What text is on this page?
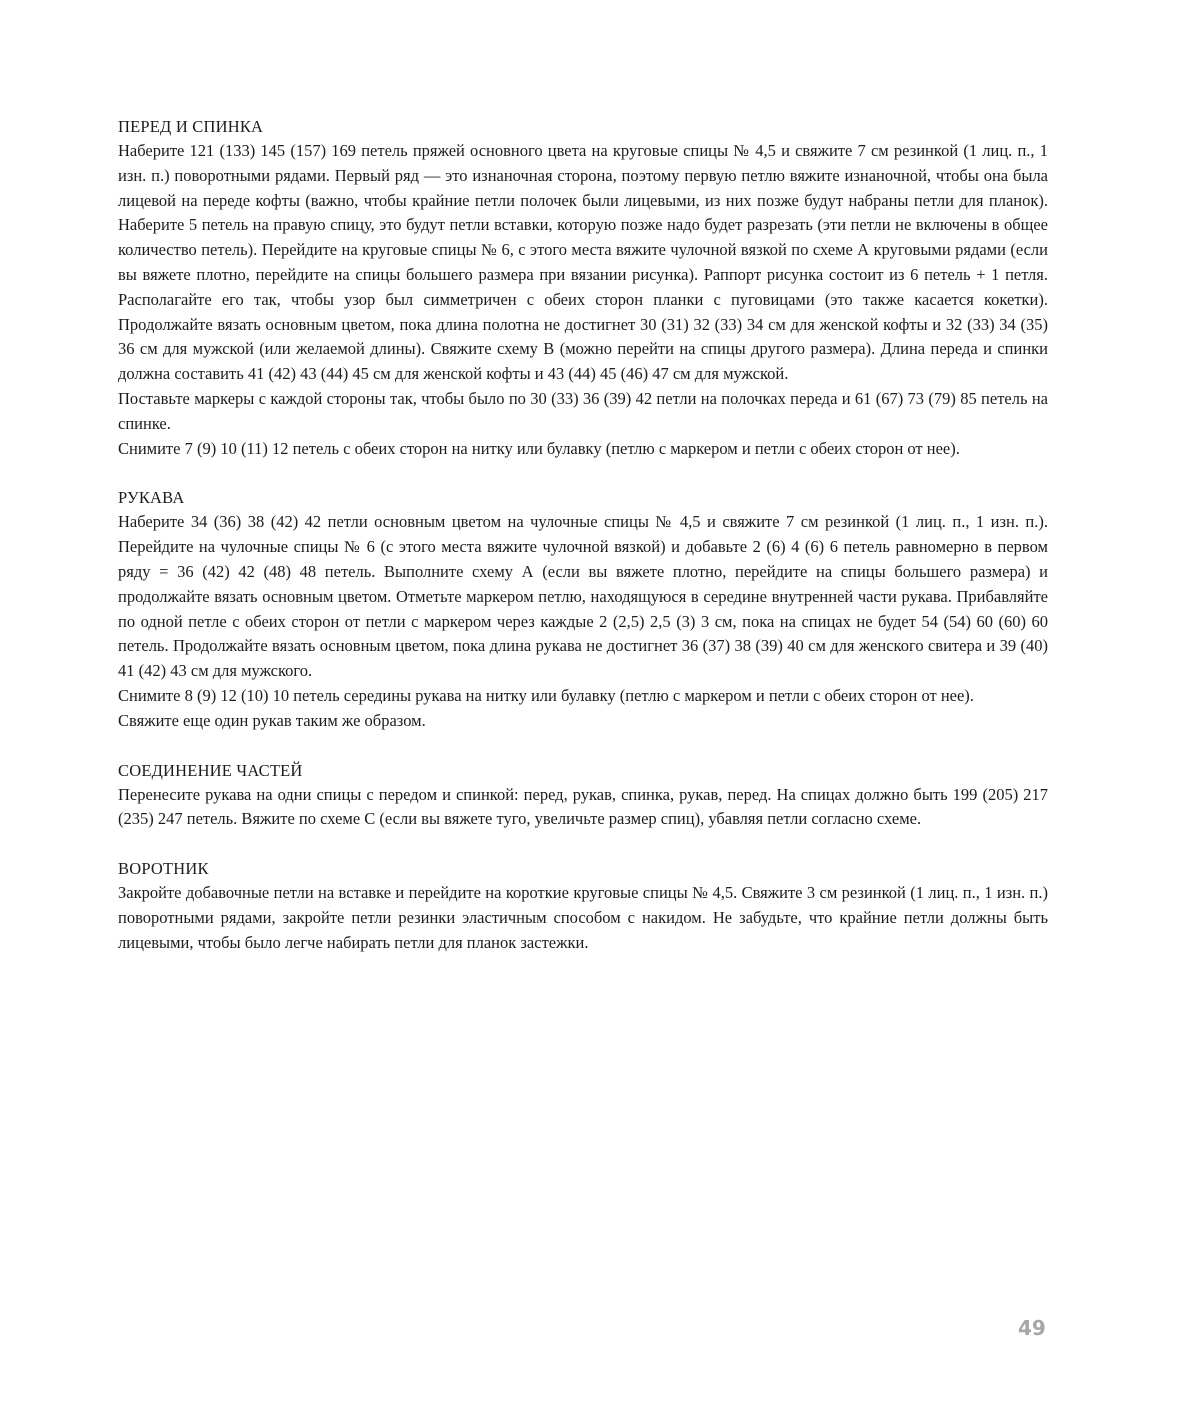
ПЕРЕД И СПИНКА

Наберите 121 (133) 145 (157) 169 петель пряжей основного цвета на круговые спицы № 4,5 и свяжите 7 см резинкой (1 лиц. п., 1 изн. п.) поворотными рядами. Первый ряд — это изнаночная сторона, поэтому первую петлю вяжите изнаночной, чтобы она была лицевой на переде кофты (важно, чтобы крайние петли полочек были лицевыми, из них позже будут набраны петли для планок). Наберите 5 петель на правую спицу, это будут петли вставки, которую позже надо будет разрезать (эти петли не включены в общее количество петель). Перейдите на круговые спицы № 6, с этого места вяжите чулочной вязкой по схеме А круговыми рядами (если вы вяжете плотно, перейдите на спицы большего размера при вязании рисунка). Раппорт рисунка состоит из 6 петель + 1 петля. Располагайте его так, чтобы узор был симметричен с обеих сторон планки с пуговицами (это также касается кокетки). Продолжайте вязать основным цветом, пока длина полотна не достигнет 30 (31) 32 (33) 34 см для женской кофты и 32 (33) 34 (35) 36 см для мужской (или желаемой длины). Свяжите схему В (можно перейти на спицы другого размера). Длина переда и спинки должна составить 41 (42) 43 (44) 45 см для женской кофты и 43 (44) 45 (46) 47 см для мужской.

Поставьте маркеры с каждой стороны так, чтобы было по 30 (33) 36 (39) 42 петли на полочках переда и 61 (67) 73 (79) 85 петель на спинке.

Снимите 7 (9) 10 (11) 12 петель с обеих сторон на нитку или булавку (петлю с маркером и петли с обеих сторон от нее).

РУКАВА

Наберите 34 (36) 38 (42) 42 петли основным цветом на чулочные спицы № 4,5 и свяжите 7 см резинкой (1 лиц. п., 1 изн. п.). Перейдите на чулочные спицы № 6 (с этого места вяжите чулочной вязкой) и добавьте 2 (6) 4 (6) 6 петель равномерно в первом ряду = 36 (42) 42 (48) 48 петель. Выполните схему А (если вы вяжете плотно, перейдите на спицы большего размера) и продолжайте вязать основным цветом. Отметьте маркером петлю, находящуюся в середине внутренней части рукава. Прибавляйте по одной петле с обеих сторон от петли с маркером через каждые 2 (2,5) 2,5 (3) 3 см, пока на спицах не будет 54 (54) 60 (60) 60 петель. Продолжайте вязать основным цветом, пока длина рукава не достигнет 36 (37) 38 (39) 40 см для женского свитера и 39 (40) 41 (42) 43 см для мужского.

Снимите 8 (9) 12 (10) 10 петель середины рукава на нитку или булавку (петлю с маркером и петли с обеих сторон от нее).

Свяжите еще один рукав таким же образом.

СОЕДИНЕНИЕ ЧАСТЕЙ

Перенесите рукава на одни спицы с передом и спинкой: перед, рукав, спинка, рукав, перед. На спицах должно быть 199 (205) 217 (235) 247 петель. Вяжите по схеме С (если вы вяжете туго, увеличьте размер спиц), убавляя петли согласно схеме.

ВОРОТНИК

Закройте добавочные петли на вставке и перейдите на короткие круговые спицы № 4,5. Свяжите 3 см резинкой (1 лиц. п., 1 изн. п.) поворотными рядами, закройте петли резинки эластичным способом с накидом. Не забудьте, что крайние петли должны быть лицевыми, чтобы было легче набирать петли для планок застежки.

49
